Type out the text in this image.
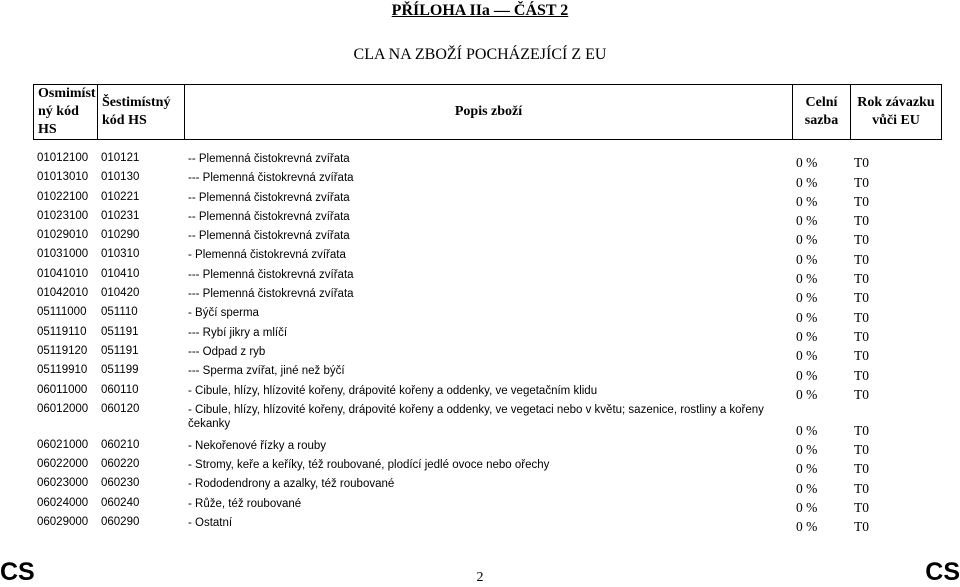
PŘÍLOHA IIa — ČÁST 2
CLA NA ZBOŽÍ POCHÁZEJÍCÍ Z EU
Osmimíst ný kód HS	Šestimístný kód HS	Popis zboží	Celní sazba	Rok závazku vůči EU
01012100	010121	-- Plemenná čistokrevná zvířata	0 %	T0
01013010	010130	--- Plemenná čistokrevná zvířata	0 %	T0
01022100	010221	-- Plemenná čistokrevná zvířata	0 %	T0
01023100	010231	-- Plemenná čistokrevná zvířata	0 %	T0
01029010	010290	-- Plemenná čistokrevná zvířata	0 %	T0
01031000	010310	- Plemenná čistokrevná zvířata	0 %	T0
01041010	010410	--- Plemenná čistokrevná zvířata	0 %	T0
01042010	010420	--- Plemenná čistokrevná zvířata	0 %	T0
05111000	051110	- Býčí sperma	0 %	T0
05119110	051191	--- Rybí jikry a mlíčí	0 %	T0
05119120	051191	--- Odpad z ryb	0 %	T0
05119910	051199	--- Sperma zvířat, jiné než býčí	0 %	T0
06011000	060110	- Cibule, hlízy, hlízovité kořeny, drápovité kořeny a oddenky, ve vegetačním klidu	0 %	T0
06012000	060120	- Cibule, hlízy, hlízovité kořeny, drápovité kořeny a oddenky, ve vegetaci nebo v květu; sazenice, rostliny a kořeny čekanky	0 %	T0
06021000	060210	- Nekořenové řízky a rouby	0 %	T0
06022000	060220	- Stromy, keře a keříky, též roubované, plodící jedlé ovoce nebo ořechy	0 %	T0
06023000	060230	- Rododendrony a azalky, též roubované	0 %	T0
06024000	060240	- Růže, též roubované	0 %	T0
06029000	060290	- Ostatní	0 %	T0
CS	2	CS
